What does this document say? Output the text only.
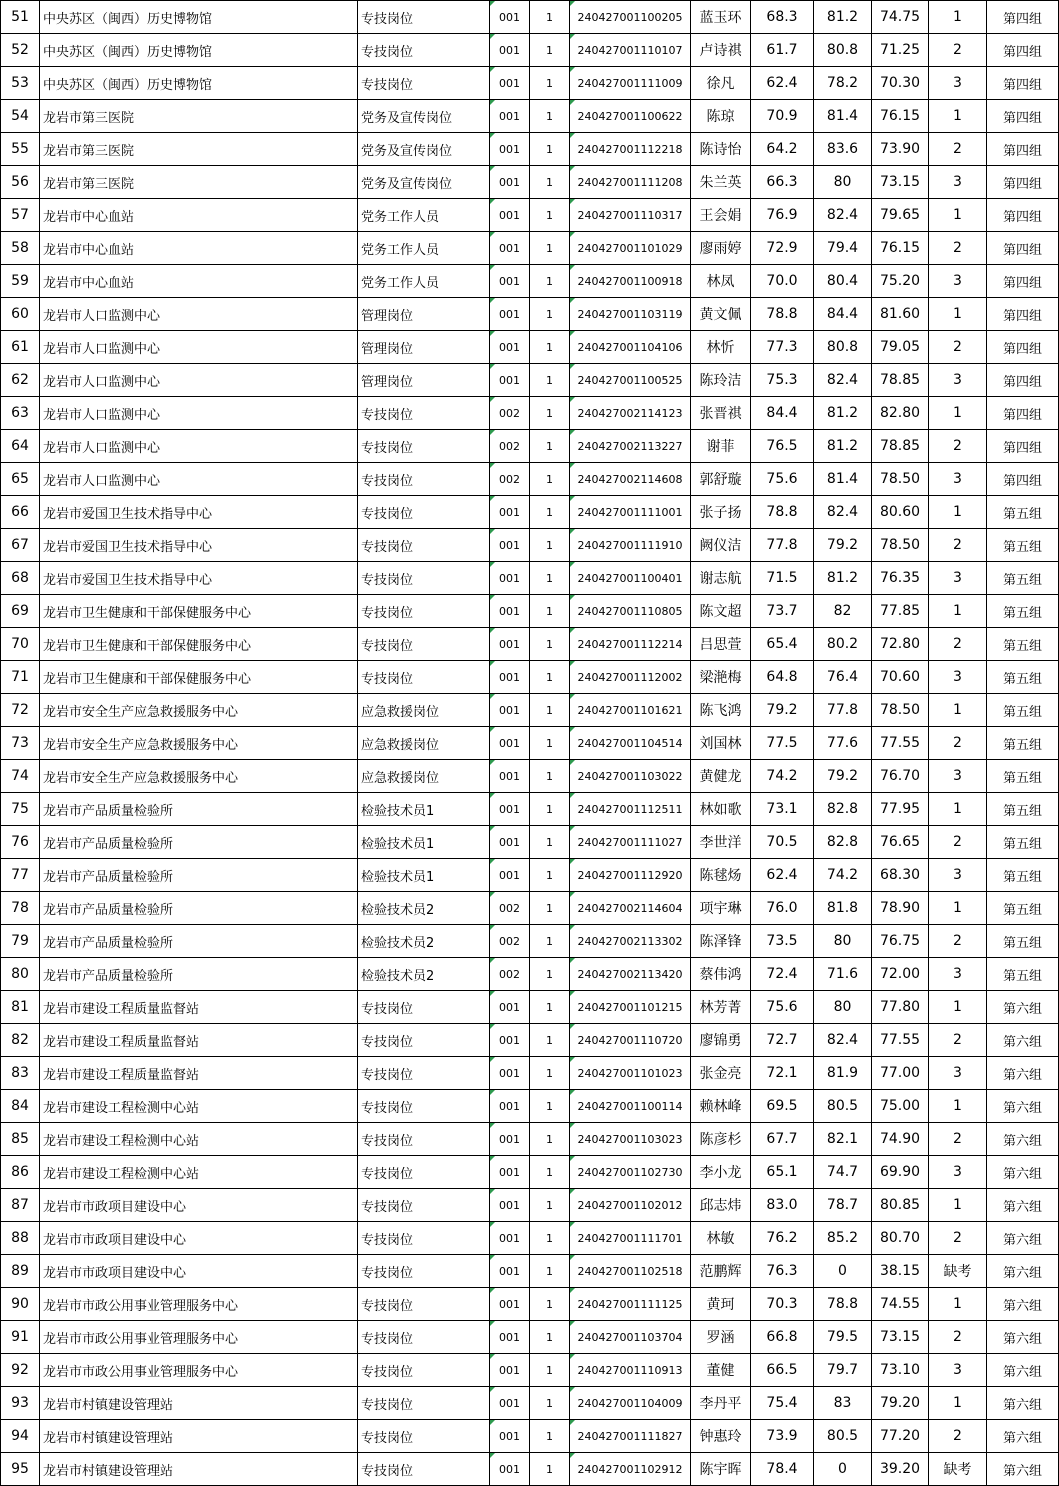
51	中央苏区（闽西）历史博物馆	专技岗位	001	1	240427001100205	蓝玉环	68.3	81.2	74.75	1	第四组
52	中央苏区（闽西）历史博物馆	专技岗位	001	1	240427001110107	卢诗祺	61.7	80.8	71.25	2	第四组
53	中央苏区（闽西）历史博物馆	专技岗位	001	1	240427001111009	徐凡	62.4	78.2	70.30	3	第四组
54	龙岩市第三医院	党务及宣传岗位	001	1	240427001100622	陈琼	70.9	81.4	76.15	1	第四组
55	龙岩市第三医院	党务及宣传岗位	001	1	240427001112218	陈诗怡	64.2	83.6	73.90	2	第四组
56	龙岩市第三医院	党务及宣传岗位	001	1	240427001111208	朱兰英	66.3	80	73.15	3	第四组
57	龙岩市中心血站	党务工作人员	001	1	240427001110317	王会娟	76.9	82.4	79.65	1	第四组
58	龙岩市中心血站	党务工作人员	001	1	240427001101029	廖雨婷	72.9	79.4	76.15	2	第四组
59	龙岩市中心血站	党务工作人员	001	1	240427001100918	林凤	70.0	80.4	75.20	3	第四组
60	龙岩市人口监测中心	管理岗位	001	1	240427001103119	黄文佩	78.8	84.4	81.60	1	第四组
61	龙岩市人口监测中心	管理岗位	001	1	240427001104106	林忻	77.3	80.8	79.05	2	第四组
62	龙岩市人口监测中心	管理岗位	001	1	240427001100525	陈玲洁	75.3	82.4	78.85	3	第四组
63	龙岩市人口监测中心	专技岗位	002	1	240427002114123	张晋祺	84.4	81.2	82.80	1	第四组
64	龙岩市人口监测中心	专技岗位	002	1	240427002113227	谢菲	76.5	81.2	78.85	2	第四组
65	龙岩市人口监测中心	专技岗位	002	1	240427002114608	郭舒璇	75.6	81.4	78.50	3	第四组
66	龙岩市爱国卫生技术指导中心	专技岗位	001	1	240427001111001	张子扬	78.8	82.4	80.60	1	第五组
67	龙岩市爱国卫生技术指导中心	专技岗位	001	1	240427001111910	阙仪洁	77.8	79.2	78.50	2	第五组
68	龙岩市爱国卫生技术指导中心	专技岗位	001	1	240427001100401	谢志航	71.5	81.2	76.35	3	第五组
69	龙岩市卫生健康和干部保健服务中心	专技岗位	001	1	240427001110805	陈文超	73.7	82	77.85	1	第五组
70	龙岩市卫生健康和干部保健服务中心	专技岗位	001	1	240427001112214	吕思萱	65.4	80.2	72.80	2	第五组
71	龙岩市卫生健康和干部保健服务中心	专技岗位	001	1	240427001112002	梁滟梅	64.8	76.4	70.60	3	第五组
72	龙岩市安全生产应急救援服务中心	应急救援岗位	001	1	240427001101621	陈飞鸿	79.2	77.8	78.50	1	第五组
73	龙岩市安全生产应急救援服务中心	应急救援岗位	001	1	240427001104514	刘国林	77.5	77.6	77.55	2	第五组
74	龙岩市安全生产应急救援服务中心	应急救援岗位	001	1	240427001103022	黄健龙	74.2	79.2	76.70	3	第五组
75	龙岩市产品质量检验所	检验技术员1	001	1	240427001112511	林如歌	73.1	82.8	77.95	1	第五组
76	龙岩市产品质量检验所	检验技术员1	001	1	240427001111027	李世洋	70.5	82.8	76.65	2	第五组
77	龙岩市产品质量检验所	检验技术员1	001	1	240427001112920	陈毬炀	62.4	74.2	68.30	3	第五组
78	龙岩市产品质量检验所	检验技术员2	002	1	240427002114604	项宇琳	76.0	81.8	78.90	1	第五组
79	龙岩市产品质量检验所	检验技术员2	002	1	240427002113302	陈泽锋	73.5	80	76.75	2	第五组
80	龙岩市产品质量检验所	检验技术员2	002	1	240427002113420	蔡伟鸿	72.4	71.6	72.00	3	第五组
81	龙岩市建设工程质量监督站	专技岗位	001	1	240427001101215	林芳菁	75.6	80	77.80	1	第六组
82	龙岩市建设工程质量监督站	专技岗位	001	1	240427001110720	廖锦勇	72.7	82.4	77.55	2	第六组
83	龙岩市建设工程质量监督站	专技岗位	001	1	240427001101023	张金亮	72.1	81.9	77.00	3	第六组
84	龙岩市建设工程检测中心站	专技岗位	001	1	240427001100114	赖林峰	69.5	80.5	75.00	1	第六组
85	龙岩市建设工程检测中心站	专技岗位	001	1	240427001103023	陈彦杉	67.7	82.1	74.90	2	第六组
86	龙岩市建设工程检测中心站	专技岗位	001	1	240427001102730	李小龙	65.1	74.7	69.90	3	第六组
87	龙岩市市政项目建设中心	专技岗位	001	1	240427001102012	邱志炜	83.0	78.7	80.85	1	第六组
88	龙岩市市政项目建设中心	专技岗位	001	1	240427001111701	林敏	76.2	85.2	80.70	2	第六组
89	龙岩市市政项目建设中心	专技岗位	001	1	240427001102518	范鹏辉	76.3	0	38.15	缺考	第六组
90	龙岩市市政公用事业管理服务中心	专技岗位	001	1	240427001111125	黄珂	70.3	78.8	74.55	1	第六组
91	龙岩市市政公用事业管理服务中心	专技岗位	001	1	240427001103704	罗涵	66.8	79.5	73.15	2	第六组
92	龙岩市市政公用事业管理服务中心	专技岗位	001	1	240427001110913	董健	66.5	79.7	73.10	3	第六组
93	龙岩市村镇建设管理站	专技岗位	001	1	240427001104009	李丹平	75.4	83	79.20	1	第六组
94	龙岩市村镇建设管理站	专技岗位	001	1	240427001111827	钟惠玲	73.9	80.5	77.20	2	第六组
95	龙岩市村镇建设管理站	专技岗位	001	1	240427001102912	陈宇晖	78.4	0	39.20	缺考	第六组
